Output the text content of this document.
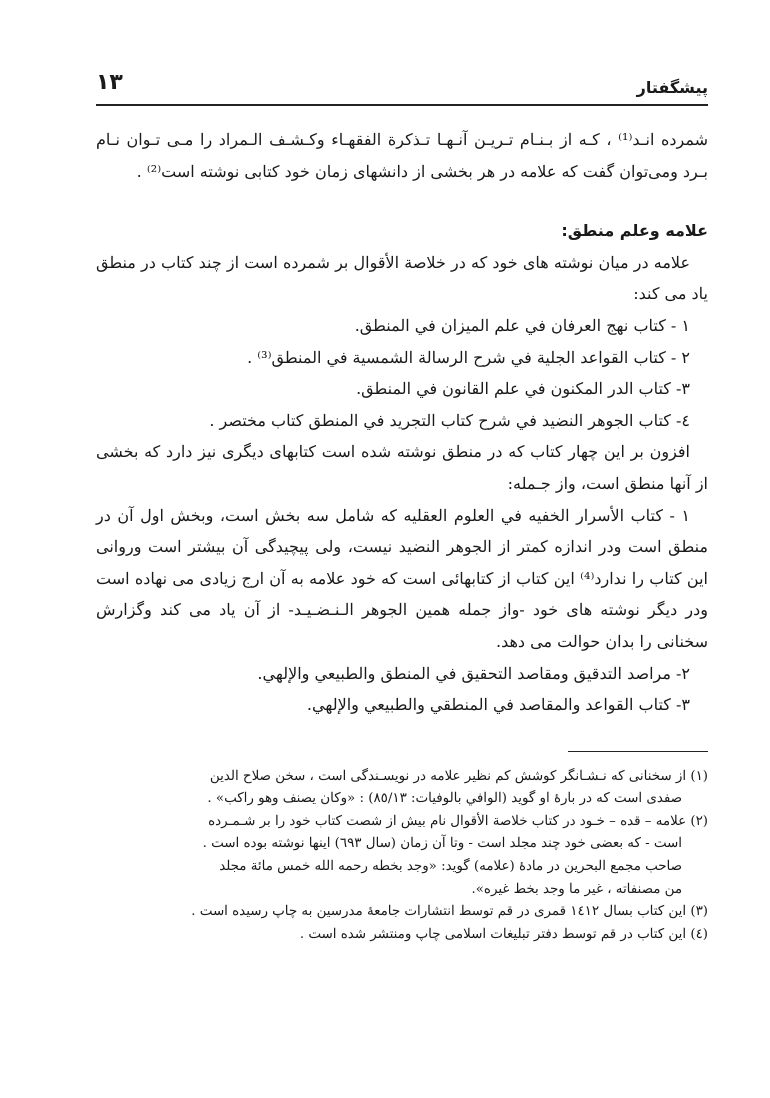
پیشگفتار
١٣

شمرده انـد⁽¹⁾ ، كـه از بـنـام تـريـن آنـهـا تـذكرة الفقهـاء وكـشـف الـمراد را مـی تـوان نـام بـرد ومی‌توان گفت كه علامه در هر بخشی از دانشهای زمان خود كتابی نوشته است⁽²⁾ .

علامه وعلم منطق:

علامه در ميان نوشته های خود كه در خلاصة الأقوال بر شمرده است از چند كتاب در منطق ياد می كند:

١ - كتاب نهج العرفان في علم الميزان في المنطق.

٢ - كتاب القواعد الجلية في شرح الرسالة الشمسية في المنطق⁽³⁾ .

٣- كتاب الدر المكنون في علم القانون في المنطق.

٤- كتاب الجوهر النضيد في شرح كتاب التجريد في المنطق كتاب مختصر .

افزون بر اين چهار كتاب كه در منطق نوشته شده است كتابهای ديگری نيز دارد كه بخشی از آنها منطق است، واز جـمله:

١ - كتاب الأسرار الخفيه في العلوم العقليه كه شامل سه بخش است، وبخش اول آن در منطق است ودر اندازه كمتر از الجوهر النضيد نيست، ولی پيچيدگی آن بيشتر است وروانی اين كتاب را ندارد⁽⁴⁾ اين كتاب از كتابهائی است كه خود علامه به آن ارج زيادی می نهاده است ودر ديگر نوشته های خود -واز جمله همين الجوهر الـنـضـيـد- از آن ياد می كند وگزارش سخنانی را بدان حوالت می دهد.

٢- مراصد التدقيق ومقاصد التحقيق في المنطق والطبيعي والإلهي.

٣- كتاب القواعد والمقاصد في المنطقي والطبيعي والإلهي.

(١) از سخنانی كه نـشـانگر كوشش كم نظير علامه در نويسـندگی است ، سخن صلاح الدين

صفدی است كه در بارهٔ او گويد (الوافي بالوفيات: ٨٥/١٣) : «وكان يصنف وهو راكب» .

(٢) علامه – قده – خـود در كتاب خلاصة الأقوال نام بيش از شصت كتاب خود را بر شـمـرده

است - كه بعضی خود چند مجلد است - وتا آن زمان (سال ٦٩٣) اينها نوشته بوده است .

صاحب مجمع البحرين در مادهٔ (علامه) گويد: «وجد بخطه رحمه الله خمس مائة مجلد

من مصنفاته ، غير ما وجد بخط غيره».

(٣) اين كتاب بسال ١٤١٢ قمری در قم توسط انتشارات جامعهٔ مدرسين به چاپ رسيده است .

(٤) اين كتاب در قم توسط دفتر تبليغات اسلامی چاپ ومنتشر شده است .
